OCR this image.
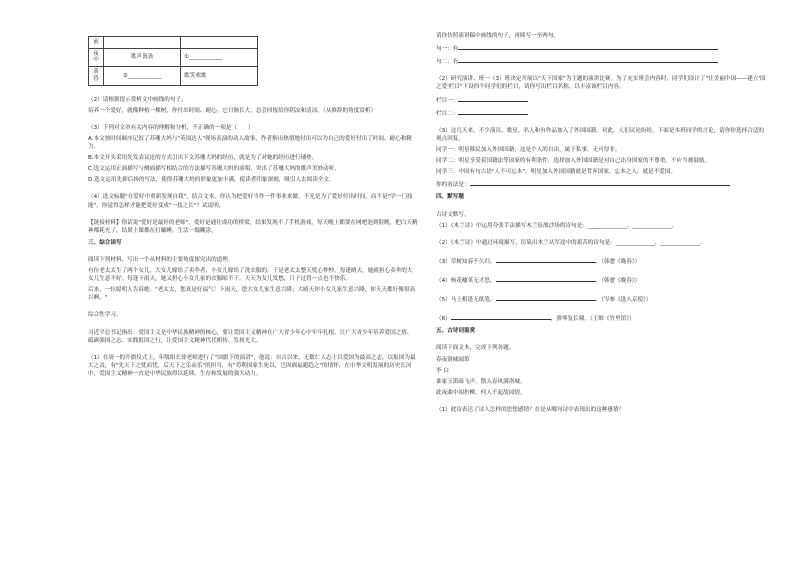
前		
夜中	歌声袅袅	①____________
黄昏	②____________	歌笑欢歌

（2）请根据提示赏析文中画线的句子。

培养一个爱好，就像种植一棵树，你付出时间、耐心，它日渐长大，总会回报给你阴凉和清凉。（从修辞的角度赏析）

（3）下列对文章有关内容的理解和分析，不正确的一项是（　　）

A.本文按时间顺序记叙了苏珊大妈与"英国达人"现场表演的动人故事，作者指出热情地付出可以为自己的爱好付出了时间、耐心和精力。

B.本文开头采用先发表议论的方式引出下文苏珊大妈的经历，就是为了对她的经历进行铺垫。

C.选文运用正面描写与侧面描写相结合的方法描写苏珊大妈的演唱，突出了苏珊大妈的歌声美妙动听。

D.选文运用先抑后扬的写法，使得苏珊大妈的形象更加丰满，使读者印象深刻，吸引人去阅读全文。

（4）选文标题"在爱好中重新发现自我"，结合文本，你认为把爱好当作一件事业来做，不光是为了爱好付出时间，而不是"学一门技能"，你觉得怎样才能把爱好变成"一技之长"？试说明。

【链接材料】俗话说"爱好是最好的老师"，爱好是通往成功的桥梁，结果发现不了手机游戏，每天晚上都要在网吧泡到很晚，把白天精神都耗光了，结果上课都在打瞌睡，生活一塌糊涂。

三、综合读写

阅读下列材料，写出一个从材料的主要角度探究出的道理。

有位老太太生了两个女儿，大女儿嫁给了卖伞者，小女儿嫁给了洗衣服的。于是老太太整天忧心忡忡，每逢晴天，她就担心卖伞的大女儿生意不好；每逢下雨天，她又担心小女儿家的衣服晾不干。天天为女儿发愁，日子过得一点也不快乐。

后来，一位聪明人告诉她："老太太，您真是好福气！下雨天，您大女儿家生意兴隆；大晴天你小女儿家生意兴隆，你天天都好像很高兴啊。"

综合性学习。

习近平总书记指出：爱国主义是中华民族精神的核心，要让爱国主义精神在广大青少年心中牢牢扎根，让广大青少年培养爱国之情、砥砺强国之志、实践报国之行，让爱国主义精神代代相传、发扬光大。

（1）在周一的升旗仪式上，年级组长徐老师进行了"国旗下的演讲"，他说：自古以来，无数仁人志士以爱国为最高之志，以报国为最大之责，有"先天下之忧而忧，后天下之乐而乐"的担当，有"苟利国家生死以，岂因祸福避趋之"的情怀，在中华文明发展的历史长河中，爱国主义精神一直是中华民族得以延续、生存和发展的强大动力。

请你仿照演讲稿中画线的句子，再续写一至两句。

句一：有

句二：有

（2）研究演讲、班一（3）班决定开展以"天下国家"为主题的演讲比赛。为了充实班会内容时，同学们设计了"往美丽中国——建立'国之爱'栏目"下设四个同学们的栏目，请你写出栏目名称，以丰富该栏目内容。

栏目一：

栏目二：

（3）这几天来，不少演员、歌星、名人和有作品加入了外国国籍。对此，人们议论纷纷。下面是本班同学的言论，请你你选择合适的观点回复。

同学一：明星移民加入外国国籍，这是个人的自由，属于私事，无可厚非。

同学二：明星享受着国籍法等国家的有利条件，选择加入外国国籍是对自己出身国家的不尊重，不应当被鼓励。

同学三：中国有句古语"人不可忘本"，明星加入外国国籍就是背弃国家，忘本之人，就是不爱国。

你的看法是：

四、默写题

古诗文默写。

（1）《木兰诗》中运用夸张手法描写木兰征战沙场的诗句是：______________，______________。

（2）《木兰诗》中通过环境描写，渲染出木兰从军途中的艰苦的诗句是：______________，______________。

（3）草树知春不久归，	。（韩愈《晚春》）

（4）杨花榆荚无才思，	。（韩愈《晚春》）

（5）马上相逢无纸笔，	。（岑参《逢入京使》）

（6）	，弹琴复长啸。（王维《竹里馆》）

五、古诗词鉴赏

阅读下面文本，完成下列各题。

春夜洛城闻笛

李 白

谁家玉笛暗飞声，散入春风满洛城。

此夜曲中闻折柳，何人不起故园情。

（1）此诗表达了诗人怎样的思想感情？在是从哪句诗中表现出的这种感情？
